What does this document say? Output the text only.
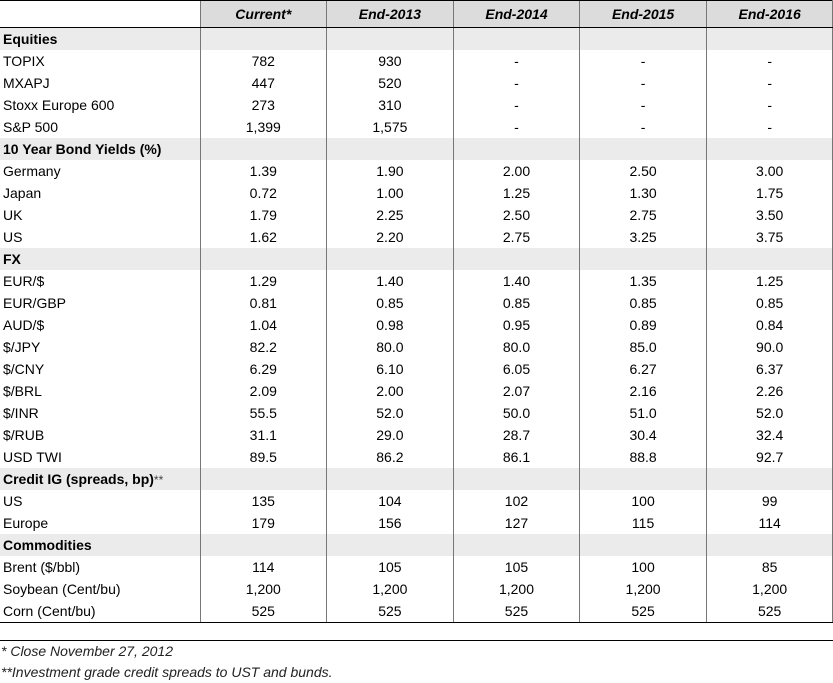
	Current*	End-2013	End-2014	End-2015	End-2016
Equities					
TOPIX	782	930	-	-	-
MXAPJ	447	520	-	-	-
Stoxx Europe 600	273	310	-	-	-
S&P 500	1,399	1,575	-	-	-
10 Year Bond Yields (%)					
Germany	1.39	1.90	2.00	2.50	3.00
Japan	0.72	1.00	1.25	1.30	1.75
UK	1.79	2.25	2.50	2.75	3.50
US	1.62	2.20	2.75	3.25	3.75
FX					
EUR/$	1.29	1.40	1.40	1.35	1.25
EUR/GBP	0.81	0.85	0.85	0.85	0.85
AUD/$	1.04	0.98	0.95	0.89	0.84
$/JPY	82.2	80.0	80.0	85.0	90.0
$/CNY	6.29	6.10	6.05	6.27	6.37
$/BRL	2.09	2.00	2.07	2.16	2.26
$/INR	55.5	52.0	50.0	51.0	52.0
$/RUB	31.1	29.0	28.7	30.4	32.4
USD TWI	89.5	86.2	86.1	88.8	92.7
Credit IG (spreads, bp)**					
US	135	104	102	100	99
Europe	179	156	127	115	114
Commodities					
Brent ($/bbl)	114	105	105	100	85
Soybean (Cent/bu)	1,200	1,200	1,200	1,200	1,200
Corn (Cent/bu)	525	525	525	525	525
* Close November 27, 2012
**Investment grade credit spreads to UST and bunds.
